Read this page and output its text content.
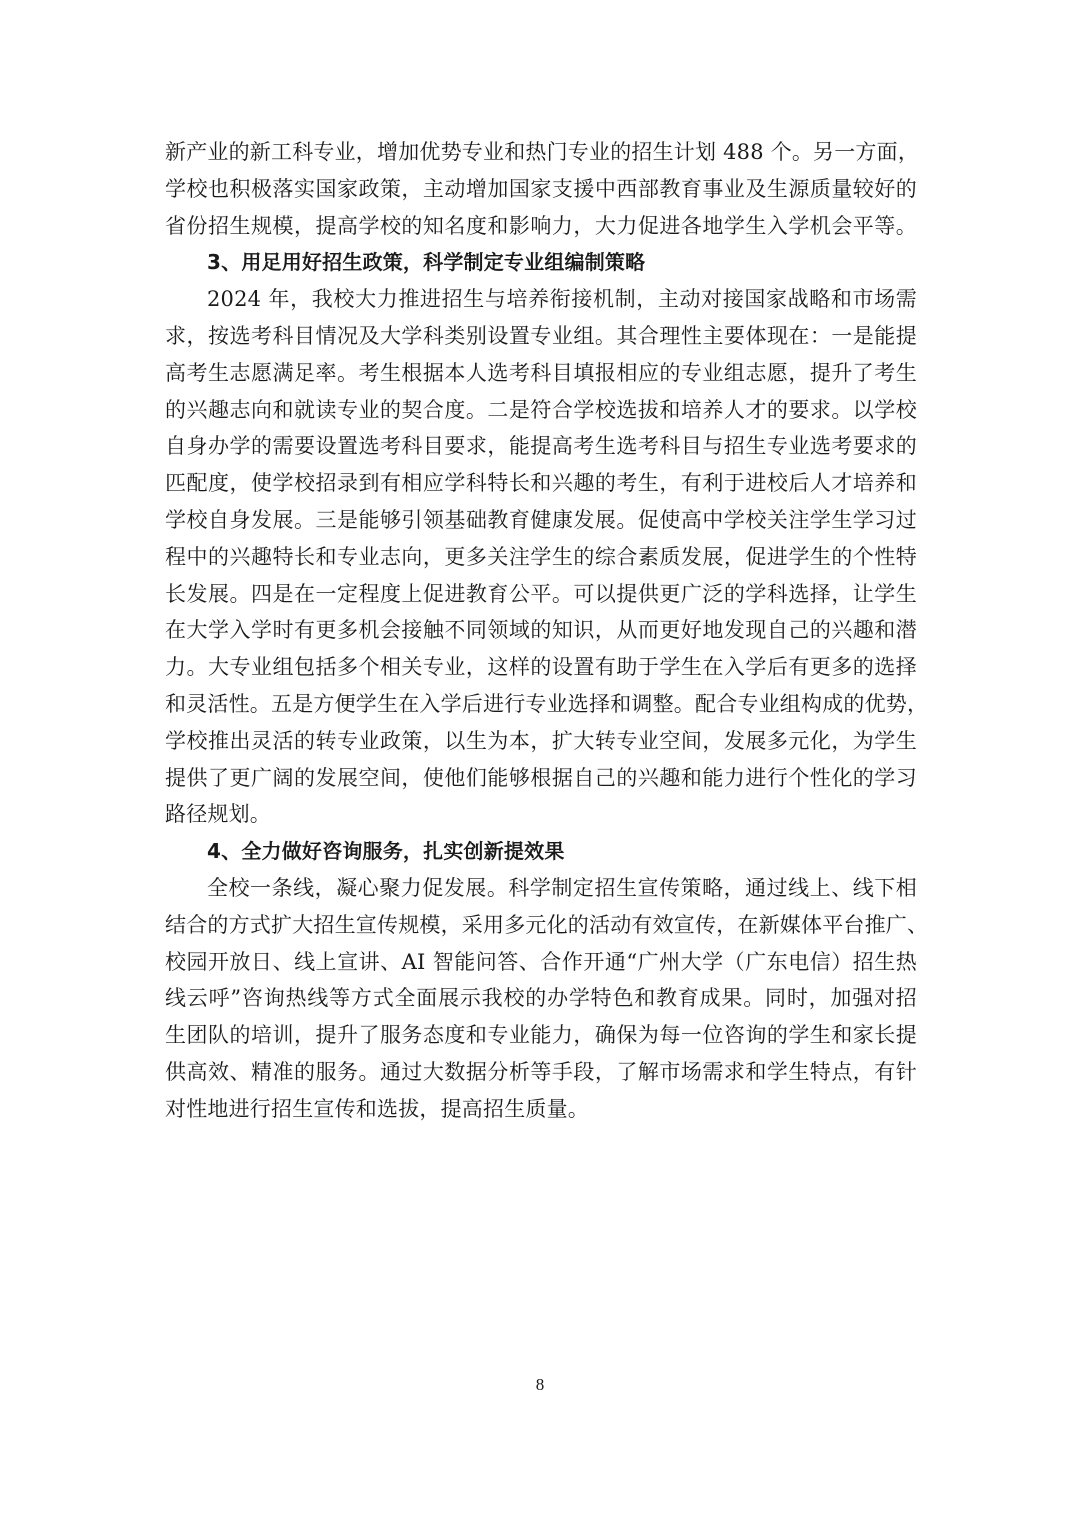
新产业的新工科专业，增加优势专业和热门专业的招生计划 488 个。另一方面，
学校也积极落实国家政策，主动增加国家支援中西部教育事业及生源质量较好的
省份招生规模，提高学校的知名度和影响力，大力促进各地学生入学机会平等。
3、用足用好招生政策，科学制定专业组编制策略
2024 年，我校大力推进招生与培养衔接机制，主动对接国家战略和市场需
求，按选考科目情况及大学科类别设置专业组。其合理性主要体现在：一是能提
高考生志愿满足率。考生根据本人选考科目填报相应的专业组志愿，提升了考生
的兴趣志向和就读专业的契合度。二是符合学校选拔和培养人才的要求。以学校
自身办学的需要设置选考科目要求，能提高考生选考科目与招生专业选考要求的
匹配度，使学校招录到有相应学科特长和兴趣的考生，有利于进校后人才培养和
学校自身发展。三是能够引领基础教育健康发展。促使高中学校关注学生学习过
程中的兴趣特长和专业志向，更多关注学生的综合素质发展，促进学生的个性特
长发展。四是在一定程度上促进教育公平。可以提供更广泛的学科选择，让学生
在大学入学时有更多机会接触不同领域的知识，从而更好地发现自己的兴趣和潜
力。大专业组包括多个相关专业，这样的设置有助于学生在入学后有更多的选择
和灵活性。五是方便学生在入学后进行专业选择和调整。配合专业组构成的优势，
学校推出灵活的转专业政策，以生为本，扩大转专业空间，发展多元化，为学生
提供了更广阔的发展空间，使他们能够根据自己的兴趣和能力进行个性化的学习
路径规划。
4、全力做好咨询服务，扎实创新提效果
全校一条线，凝心聚力促发展。科学制定招生宣传策略，通过线上、线下相
结合的方式扩大招生宣传规模，采用多元化的活动有效宣传，在新媒体平台推广、
校园开放日、线上宣讲、AI 智能问答、合作开通“广州大学（广东电信）招生热
线云呼”咨询热线等方式全面展示我校的办学特色和教育成果。同时，加强对招
生团队的培训，提升了服务态度和专业能力，确保为每一位咨询的学生和家长提
供高效、精准的服务。通过大数据分析等手段，了解市场需求和学生特点，有针
对性地进行招生宣传和选拔，提高招生质量。
8
